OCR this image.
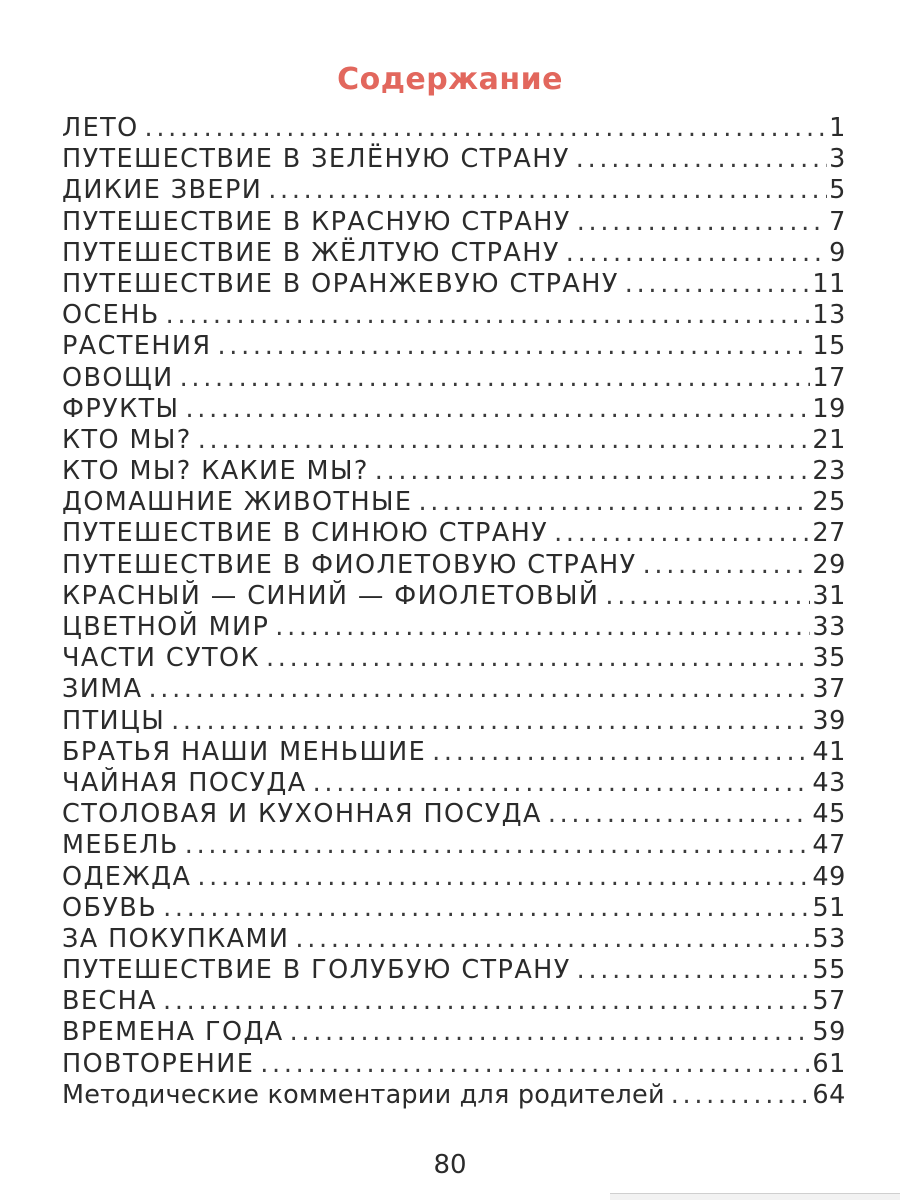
Содержание
ЛЕТО . . .	1
ПУТЕШЕСТВИЕ В ЗЕЛЁНУЮ СТРАНУ . . .	3
ДИКИЕ ЗВЕРИ . . .	5
ПУТЕШЕСТВИЕ В КРАСНУЮ СТРАНУ . . .	7
ПУТЕШЕСТВИЕ В ЖЁЛТУЮ СТРАНУ . . .	9
ПУТЕШЕСТВИЕ В ОРАНЖЕВУЮ СТРАНУ . . .	11
ОСЕНЬ . . .	13
РАСТЕНИЯ . . .	15
ОВОЩИ . . .	17
ФРУКТЫ . . .	19
КТО МЫ? . . .	21
КТО МЫ? КАКИЕ МЫ? . . .	23
ДОМАШНИЕ ЖИВОТНЫЕ . . .	25
ПУТЕШЕСТВИЕ В СИНЮЮ СТРАНУ . . .	27
ПУТЕШЕСТВИЕ В ФИОЛЕТОВУЮ СТРАНУ . . .	29
КРАСНЫЙ — СИНИЙ — ФИОЛЕТОВЫЙ . . .	31
ЦВЕТНОЙ МИР . . .	33
ЧАСТИ СУТОК . . .	35
ЗИМА . . .	37
ПТИЦЫ . . .	39
БРАТЬЯ НАШИ МЕНЬШИЕ . . .	41
ЧАЙНАЯ ПОСУДА . . .	43
СТОЛОВАЯ И КУХОННАЯ ПОСУДА . . .	45
МЕБЕЛЬ . . .	47
ОДЕЖДА . . .	49
ОБУВЬ . . .	51
ЗА ПОКУПКАМИ . . .	53
ПУТЕШЕСТВИЕ В ГОЛУБУЮ СТРАНУ . . .	55
ВЕСНА . . .	57
ВРЕМЕНА ГОДА . . .	59
ПОВТОРЕНИЕ . . .	61
Методические комментарии для родителей . . .	64
80
